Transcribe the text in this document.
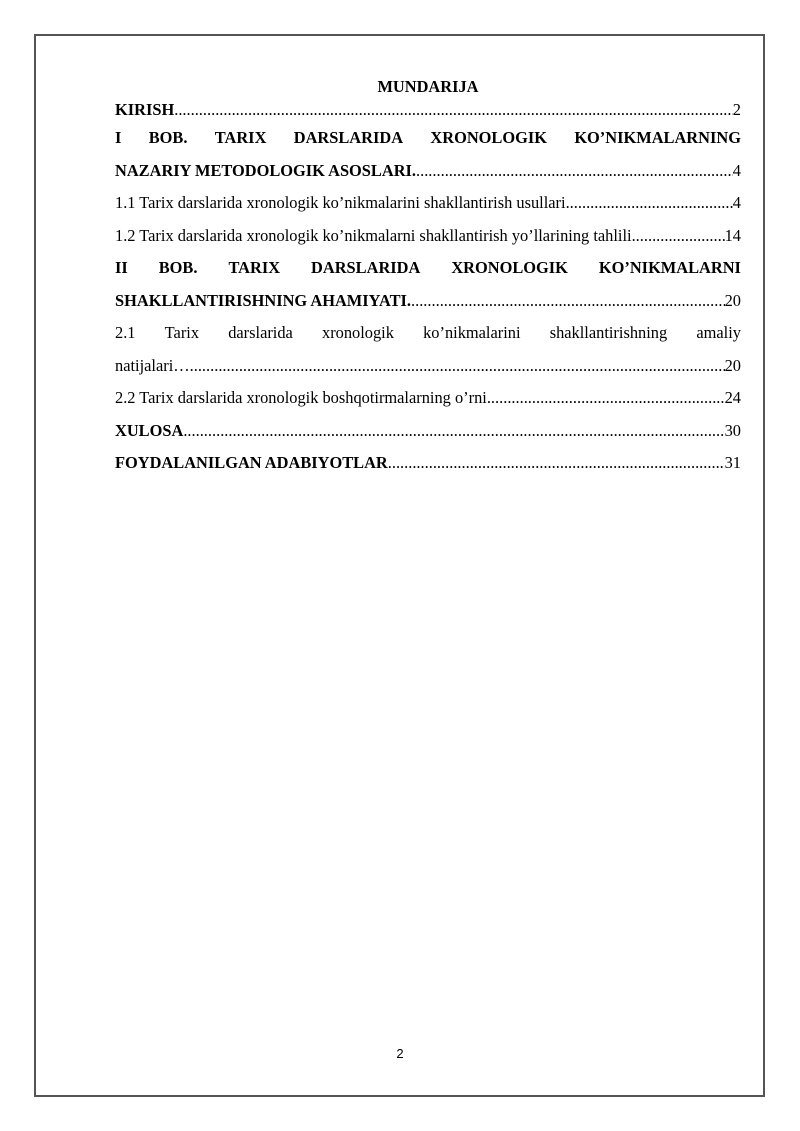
MUNDARIJA
KIRISH .....	2
I BOB. TARIX DARSLARIDA XRONOLOGIK KO’NIKMALARNING
NAZARIY METODOLOGIK ASOSLARI. .....	4
1.1 Tarix darslarida xronologik ko’nikmalarini shakllantirish usullari .....	4
1.2 Tarix darslarida xronologik ko’nikmalarni shakllantirish yo’llarining tahlili .....	14
II BOB. TARIX DARSLARIDA XRONOLOGIK KO’NIKMALARNI
SHAKLLANTIRISHNING AHAMIYATI. .....	20
2.1 Tarix darslarida xronologik ko’nikmalarini shakllantirishning amaliy
natijalari… .....	20
2.2 Tarix darslarida xronologik boshqotirmalarning o’rni .....	24
XULOSA .....	30
FOYDALANILGAN ADABIYOTLAR .....	31
2
